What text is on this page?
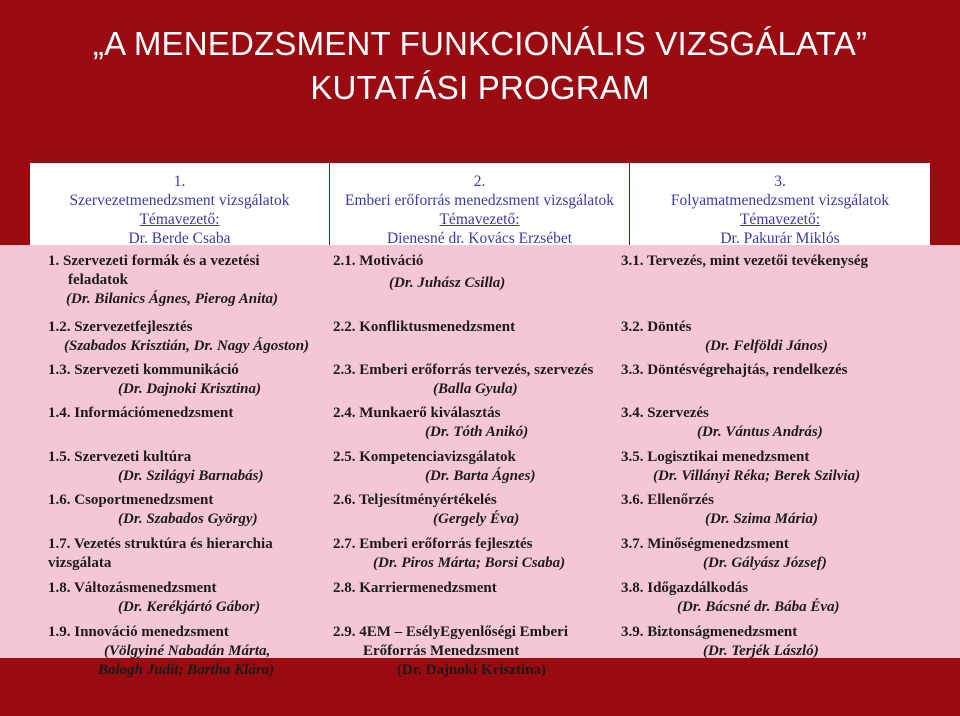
„A MENEDZSMENT FUNKCIONÁLIS VIZSGÁLATA”
KUTATÁSI PROGRAM
1.
Szervezetmenedzsment vizsgálatok
Témavezető:
Dr. Berde Csaba
2.
Emberi erőforrás menedzsment vizsgálatok
Témavezető:
Dienesné dr. Kovács Erzsébet
3.
Folyamatmenedzsment vizsgálatok
Témavezető:
Dr. Pakurár Miklós
1. Szervezeti formák és a vezetési
feladatok
(Dr. Bilanics Ágnes, Pierog Anita)
1.2. Szervezetfejlesztés
(Szabados Krisztián, Dr. Nagy Ágoston)
1.3. Szervezeti kommunikáció
(Dr. Dajnoki Krisztina)
1.4. Információmenedzsment
1.5. Szervezeti kultúra
(Dr. Szilágyi Barnabás)
1.6. Csoportmenedzsment
(Dr. Szabados György)
1.7. Vezetés struktúra és hierarchia
vizsgálata
1.8. Változásmenedzsment
(Dr. Kerékjártó Gábor)
1.9. Innováció menedzsment
(Völgyiné Nabadán Márta,
Balogh Judit; Bartha Klára)
2.1. Motiváció
(Dr. Juhász Csilla)
2.2. Konfliktusmenedzsment
2.3. Emberi erőforrás tervezés, szervezés
(Balla Gyula)
2.4. Munkaerő kiválasztás
(Dr. Tóth Anikó)
2.5. Kompetenciavizsgálatok
(Dr. Barta Ágnes)
2.6. Teljesítményértékelés
(Gergely Éva)
2.7. Emberi erőforrás fejlesztés
(Dr. Piros Márta; Borsi Csaba)
2.8. Karriermenedzsment
2.9. 4EM – EsélyEgyenlőségi Emberi
Erőforrás Menedzsment
(Dr. Dajnoki Krisztina)
3.1. Tervezés, mint vezetői tevékenység
3.2. Döntés
(Dr. Felföldi János)
3.3. Döntésvégrehajtás, rendelkezés
3.4. Szervezés
(Dr. Vántus András)
3.5. Logisztikai menedzsment
(Dr. Villányi Réka; Berek Szilvia)
3.6. Ellenőrzés
(Dr. Szima Mária)
3.7. Minőségmenedzsment
(Dr. Gályász József)
3.8. Időgazdálkodás
(Dr. Bácsné dr. Bába Éva)
3.9. Biztonságmenedzsment
(Dr. Terjék László)
